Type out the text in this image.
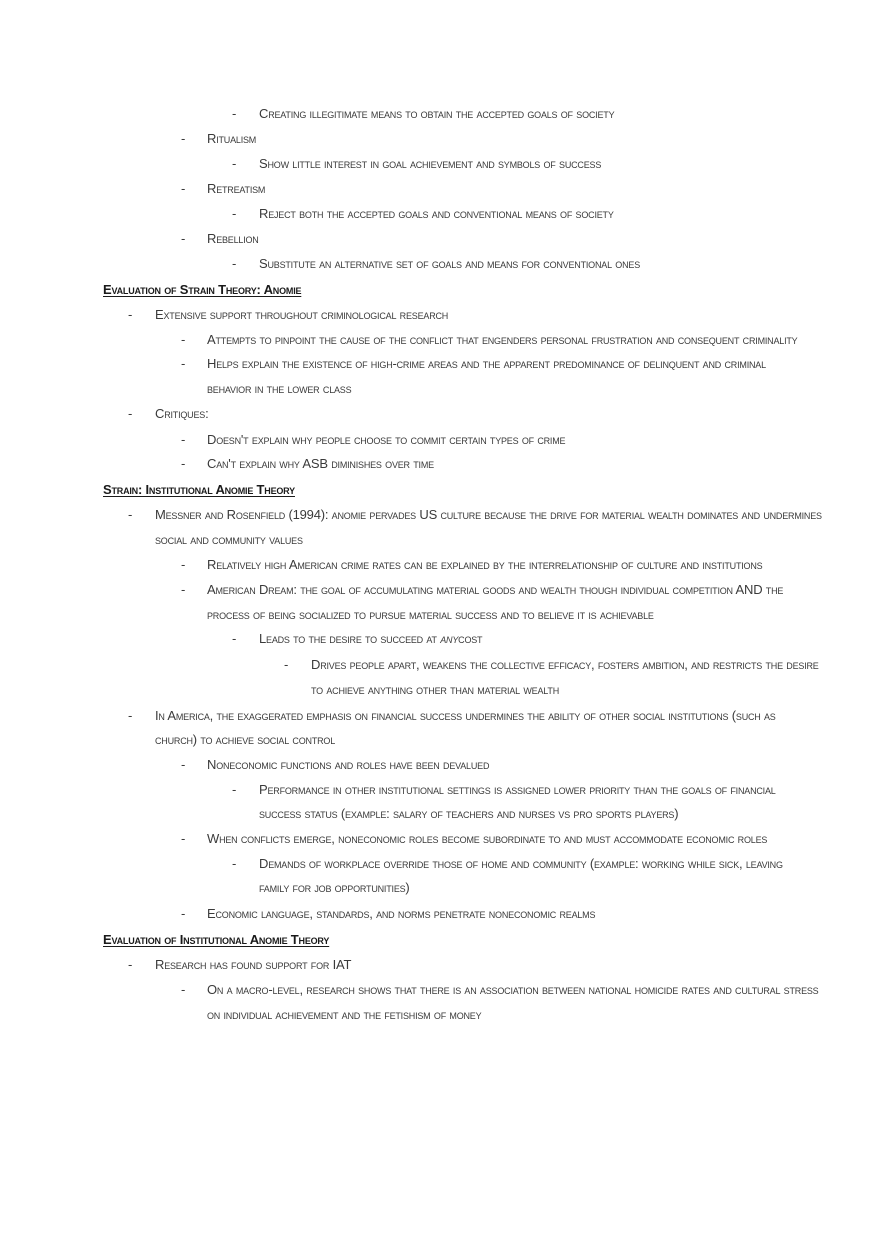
-	Creating illegitimate means to obtain the accepted goals of society
-	Ritualism
-	Show little interest in goal achievement and symbols of success
-	Retreatism
-	Reject both the accepted goals and conventional means of society
-	Rebellion
-	Substitute an alternative set of goals and means for conventional ones
Evaluation of Strain Theory: Anomie
-	Extensive support throughout criminological research
-	Attempts to pinpoint the cause of the conflict that engenders personal frustration and consequent criminality
-	Helps explain the existence of high-crime areas and the apparent predominance of delinquent and criminal
behavior in the lower class
-	Critiques:
-	Doesn't explain why people choose to commit certain types of crime
-	Can't explain why ASB diminishes over time
Strain: Institutional Anomie Theory
-	Messner and Rosenfield (1994): anomie pervades US culture because the drive for material wealth dominates and undermines
social and community values
-	Relatively high American crime rates can be explained by the interrelationship of culture and institutions
-	American Dream: the goal of accumulating material goods and wealth though individual competition AND the
process of being socialized to pursue material success and to believe it is achievable
-	Leads to the desire to succeed at anycost
-	Drives people apart, weakens the collective efficacy, fosters ambition, and restricts the desire
to achieve anything other than material wealth
-	In America, the exaggerated emphasis on financial success undermines the ability of other social institutions (such as
church) to achieve social control
-	Noneconomic functions and roles have been devalued
-	Performance in other institutional settings is assigned lower priority than the goals of financial
success status (example: salary of teachers and nurses vs pro sports players)
-	When conflicts emerge, noneconomic roles become subordinate to and must accommodate economic roles
-	Demands of workplace override those of home and community (example: working while sick, leaving
family for job opportunities)
-	Economic language, standards, and norms penetrate noneconomic realms
Evaluation of Institutional Anomie Theory
-	Research has found support for IAT
-	On a macro-level, research shows that there is an association between national homicide rates and cultural stress
on individual achievement and the fetishism of money
